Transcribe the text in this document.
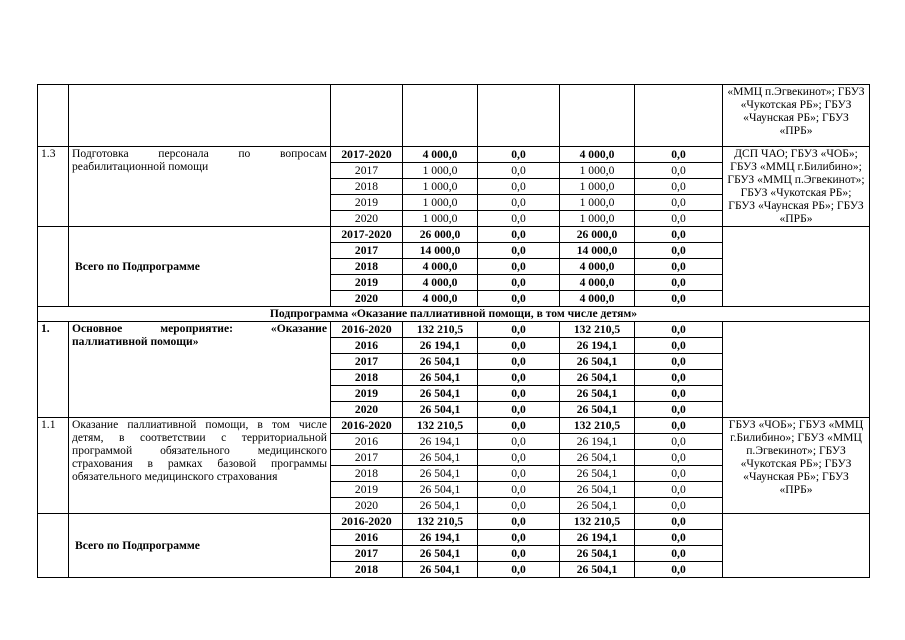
							«ММЦ п.Эгвекинот»; ГБУЗ «Чукотская РБ»; ГБУЗ «Чаунская РБ»; ГБУЗ «ПРБ»
1.3	Подготовка персонала по вопросам реабилитационной помощи	2017-2020	4 000,0	0,0	4 000,0	0,0	ДСП ЧАО; ГБУЗ «ЧОБ»; ГБУЗ «ММЦ г.Билибино»; ГБУЗ «ММЦ п.Эгвекинот»; ГБУЗ «Чукотская РБ»; ГБУЗ «Чаунская РБ»; ГБУЗ «ПРБ»
		2017	1 000,0	0,0	1 000,0	0,0	
		2018	1 000,0	0,0	1 000,0	0,0	
		2019	1 000,0	0,0	1 000,0	0,0	
		2020	1 000,0	0,0	1 000,0	0,0	
	Всего по Подпрограмме	2017-2020	26 000,0	0,0	26 000,0	0,0	
		2017	14 000,0	0,0	14 000,0	0,0	
		2018	4 000,0	0,0	4 000,0	0,0	
		2019	4 000,0	0,0	4 000,0	0,0	
		2020	4 000,0	0,0	4 000,0	0,0	
Подпрограмма «Оказание паллиативной помощи, в том числе детям»							
1.	Основное мероприятие: «Оказание паллиативной помощи»	2016-2020	132 210,5	0,0	132 210,5	0,0	
		2016	26 194,1	0,0	26 194,1	0,0	
		2017	26 504,1	0,0	26 504,1	0,0	
		2018	26 504,1	0,0	26 504,1	0,0	
		2019	26 504,1	0,0	26 504,1	0,0	
		2020	26 504,1	0,0	26 504,1	0,0	
1.1	Оказание паллиативной помощи, в том числе детям, в соответствии с территориальной программой обязательного медицинского страхования в рамках базовой программы обязательного медицинского страхования	2016-2020	132 210,5	0,0	132 210,5	0,0	ГБУЗ «ЧОБ»; ГБУЗ «ММЦ г.Билибино»; ГБУЗ «ММЦ п.Эгвекинот»; ГБУЗ «Чукотская РБ»; ГБУЗ «Чаунская РБ»; ГБУЗ «ПРБ»
		2016	26 194,1	0,0	26 194,1	0,0	
		2017	26 504,1	0,0	26 504,1	0,0	
		2018	26 504,1	0,0	26 504,1	0,0	
		2019	26 504,1	0,0	26 504,1	0,0	
		2020	26 504,1	0,0	26 504,1	0,0	
	Всего по Подпрограмме	2016-2020	132 210,5	0,0	132 210,5	0,0	
		2016	26 194,1	0,0	26 194,1	0,0	
		2017	26 504,1	0,0	26 504,1	0,0	
		2018	26 504,1	0,0	26 504,1	0,0	
